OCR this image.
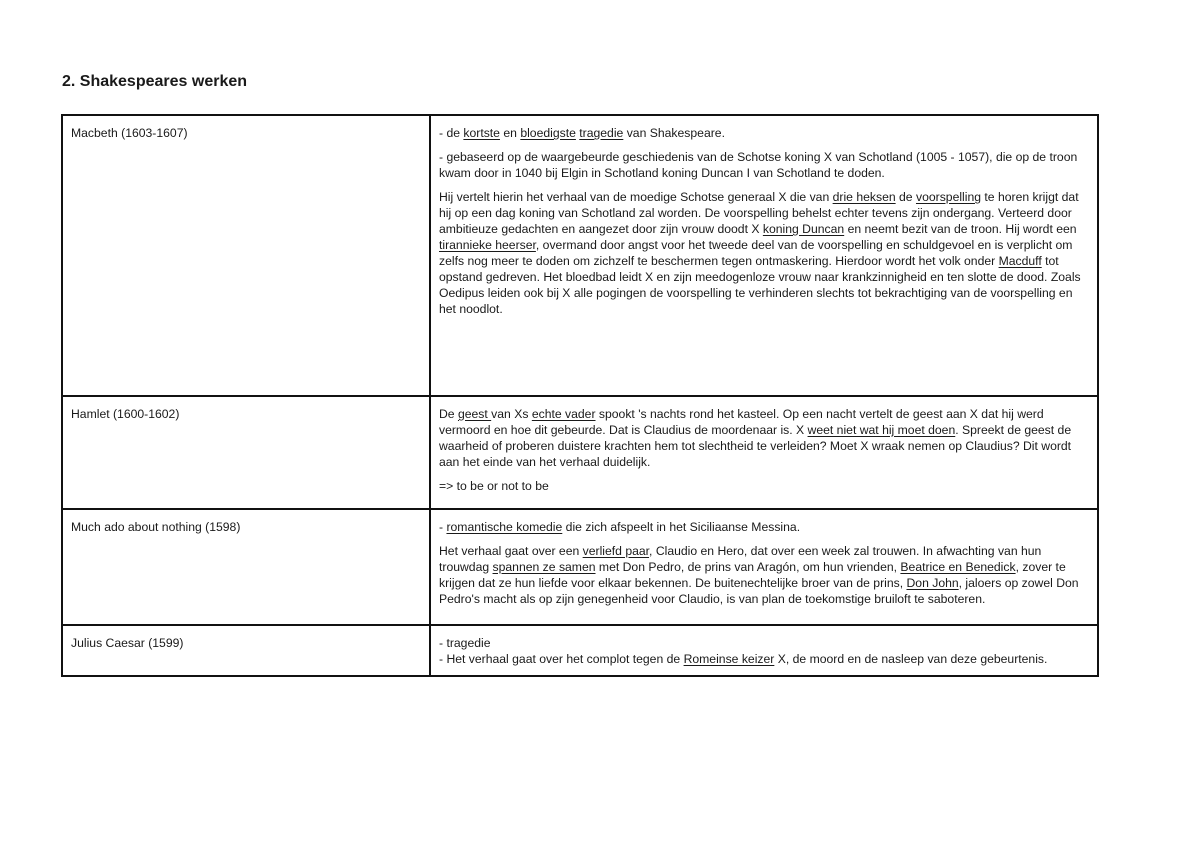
2. Shakespeares werken
Macbeth (1603-1607)	- de kortste en bloedigste tragedie van Shakespeare.

- gebaseerd op de waargebeurde geschiedenis van de Schotse koning X van Schotland (1005 - 1057), die op de troon kwam door in 1040 bij Elgin in Schotland koning Duncan I van Schotland te doden.

Hij vertelt hierin het verhaal van de moedige Schotse generaal X die van drie heksen de voorspelling te horen krijgt dat hij op een dag koning van Schotland zal worden. De voorspelling behelst echter tevens zijn ondergang. Verteerd door ambitieuze gedachten en aangezet door zijn vrouw doodt X koning Duncan en neemt bezit van de troon. Hij wordt een tirannieke heerser, overmand door angst voor het tweede deel van de voorspelling en schuldgevoel en is verplicht om zelfs nog meer te doden om zichzelf te beschermen tegen ontmaskering. Hierdoor wordt het volk onder Macduff tot opstand gedreven. Het bloedbad leidt X en zijn meedogenloze vrouw naar krankzinnigheid en ten slotte de dood. Zoals Oedipus leiden ook bij X alle pogingen de voorspelling te verhinderen slechts tot bekrachtiging van de voorspelling en het noodlot.

Hamlet (1600-1602)	De geest van Xs echte vader spookt 's nachts rond het kasteel. Op een nacht vertelt de geest aan X dat hij werd vermoord en hoe dit gebeurde. Dat is Claudius de moordenaar is. X weet niet wat hij moet doen. Spreekt de geest de waarheid of proberen duistere krachten hem tot slechtheid te verleiden? Moet X wraak nemen op Claudius? Dit wordt aan het einde van het verhaal duidelijk.

=> to be or not to be

Much ado about nothing (1598)	- romantische komedie die zich afspeelt in het Siciliaanse Messina.

Het verhaal gaat over een verliefd paar, Claudio en Hero, dat over een week zal trouwen. In afwachting van hun trouwdag spannen ze samen met Don Pedro, de prins van Aragón, om hun vrienden, Beatrice en Benedick, zover te krijgen dat ze hun liefde voor elkaar bekennen. De buitenechtelijke broer van de prins, Don John, jaloers op zowel Don Pedro's macht als op zijn genegenheid voor Claudio, is van plan de toekomstige bruiloft te saboteren.

Julius Caesar (1599)	- tragedie
- Het verhaal gaat over het complot tegen de Romeinse keizer X, de moord en de nasleep van deze gebeurtenis.
